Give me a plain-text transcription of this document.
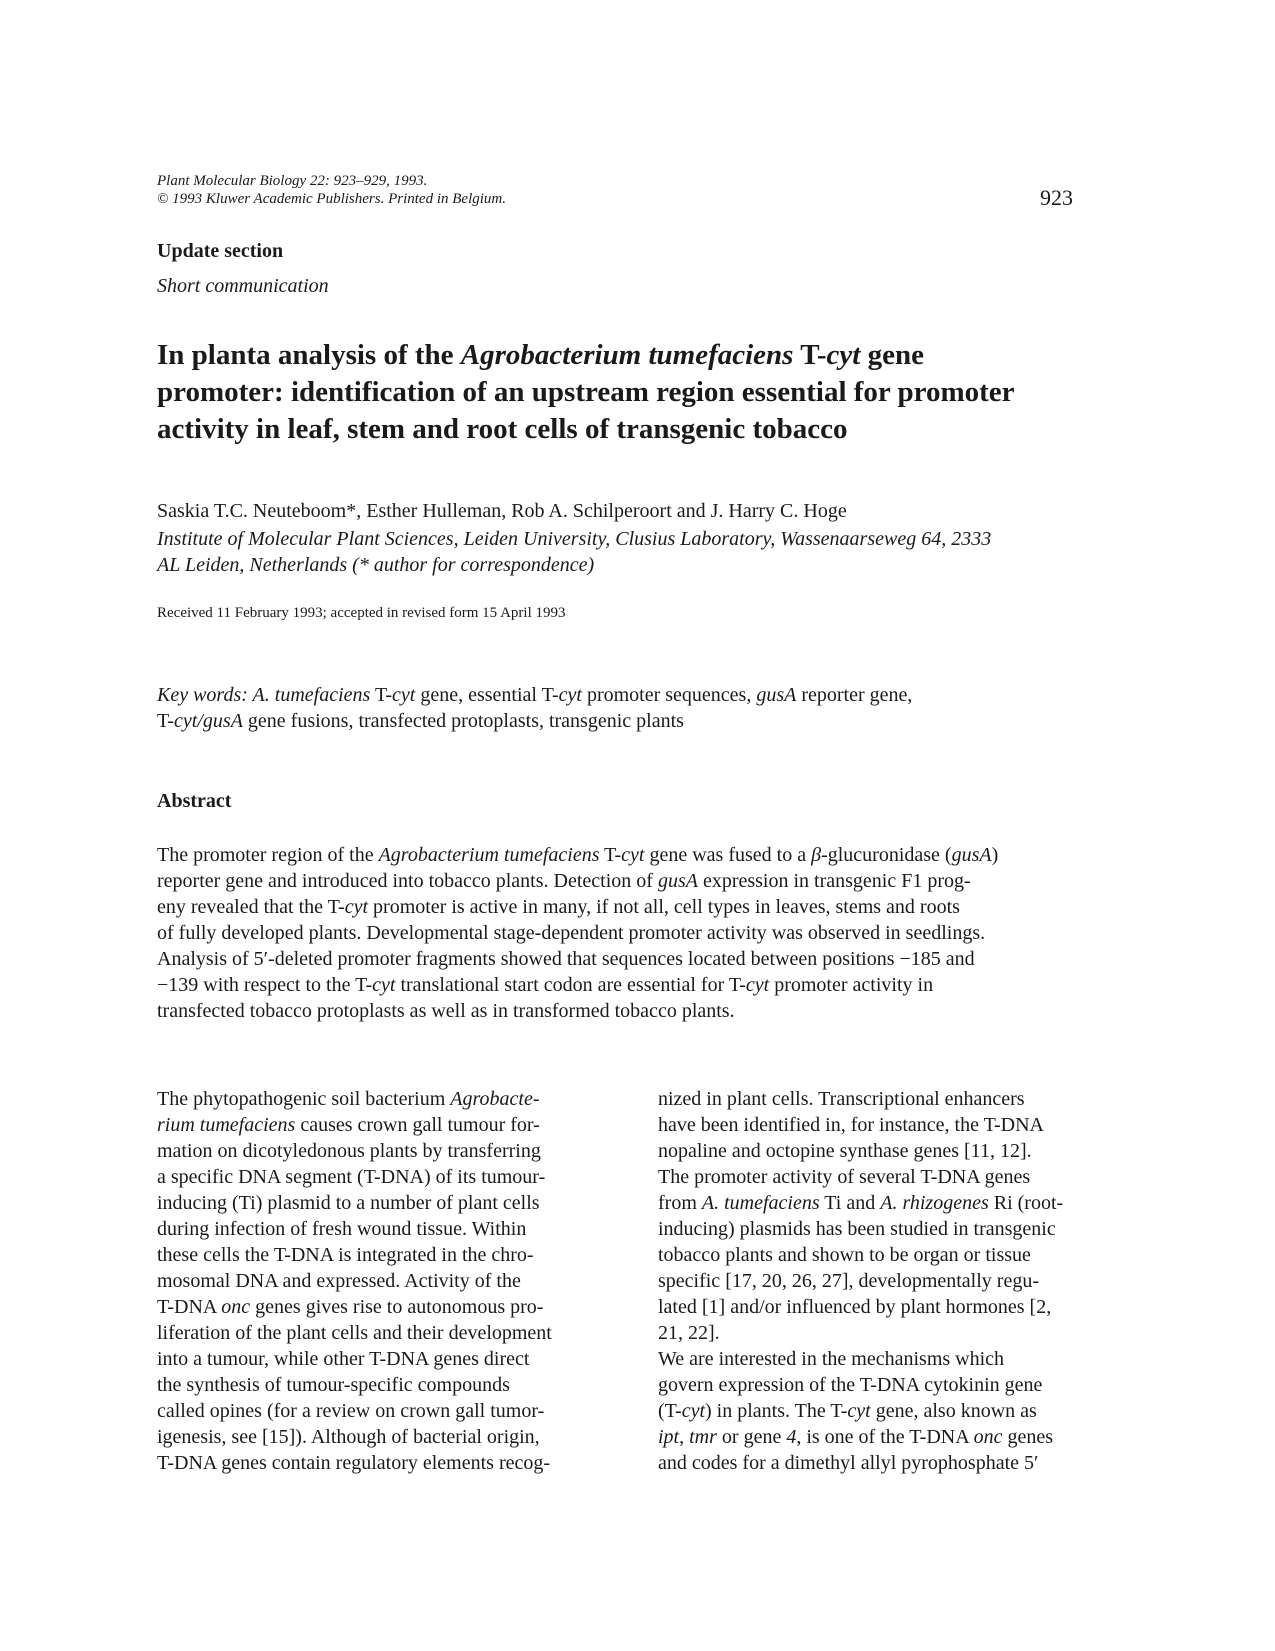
Plant Molecular Biology 22: 923–929, 1993.
© 1993 Kluwer Academic Publishers. Printed in Belgium.	923
Update section
Short communication
In planta analysis of the Agrobacterium tumefaciens T-cyt gene
promoter: identification of an upstream region essential for promoter
activity in leaf, stem and root cells of transgenic tobacco
Saskia T.C. Neuteboom*, Esther Hulleman, Rob A. Schilperoort and J. Harry C. Hoge
Institute of Molecular Plant Sciences, Leiden University, Clusius Laboratory, Wassenaarseweg 64, 2333
AL Leiden, Netherlands (* author for correspondence)
Received 11 February 1993; accepted in revised form 15 April 1993
Key words: A. tumefaciens T-cyt gene, essential T-cyt promoter sequences, gusA reporter gene,
T-cyt/gusA gene fusions, transfected protoplasts, transgenic plants
Abstract
The promoter region of the Agrobacterium tumefaciens T-cyt gene was fused to a β-glucuronidase (gusA)
reporter gene and introduced into tobacco plants. Detection of gusA expression in transgenic F1 prog-
eny revealed that the T-cyt promoter is active in many, if not all, cell types in leaves, stems and roots
of fully developed plants. Developmental stage-dependent promoter activity was observed in seedlings.
Analysis of 5′-deleted promoter fragments showed that sequences located between positions −185 and
−139 with respect to the T-cyt translational start codon are essential for T-cyt promoter activity in
transfected tobacco protoplasts as well as in transformed tobacco plants.
The phytopathogenic soil bacterium Agrobacte-
rium tumefaciens causes crown gall tumour for-
mation on dicotyledonous plants by transferring
a specific DNA segment (T-DNA) of its tumour-
inducing (Ti) plasmid to a number of plant cells
during infection of fresh wound tissue. Within
these cells the T-DNA is integrated in the chro-
mosomal DNA and expressed. Activity of the
T-DNA onc genes gives rise to autonomous pro-
liferation of the plant cells and their development
into a tumour, while other T-DNA genes direct
the synthesis of tumour-specific compounds
called opines (for a review on crown gall tumor-
igenesis, see [15]). Although of bacterial origin,
T-DNA genes contain regulatory elements recog-
nized in plant cells. Transcriptional enhancers
have been identified in, for instance, the T-DNA
nopaline and octopine synthase genes [11, 12].
The promoter activity of several T-DNA genes
from A. tumefaciens Ti and A. rhizogenes Ri (root-
inducing) plasmids has been studied in transgenic
tobacco plants and shown to be organ or tissue
specific [17, 20, 26, 27], developmentally regu-
lated [1] and/or influenced by plant hormones [2,
21, 22].
We are interested in the mechanisms which
govern expression of the T-DNA cytokinin gene
(T-cyt) in plants. The T-cyt gene, also known as
ipt, tmr or gene 4, is one of the T-DNA onc genes
and codes for a dimethyl allyl pyrophosphate 5′
